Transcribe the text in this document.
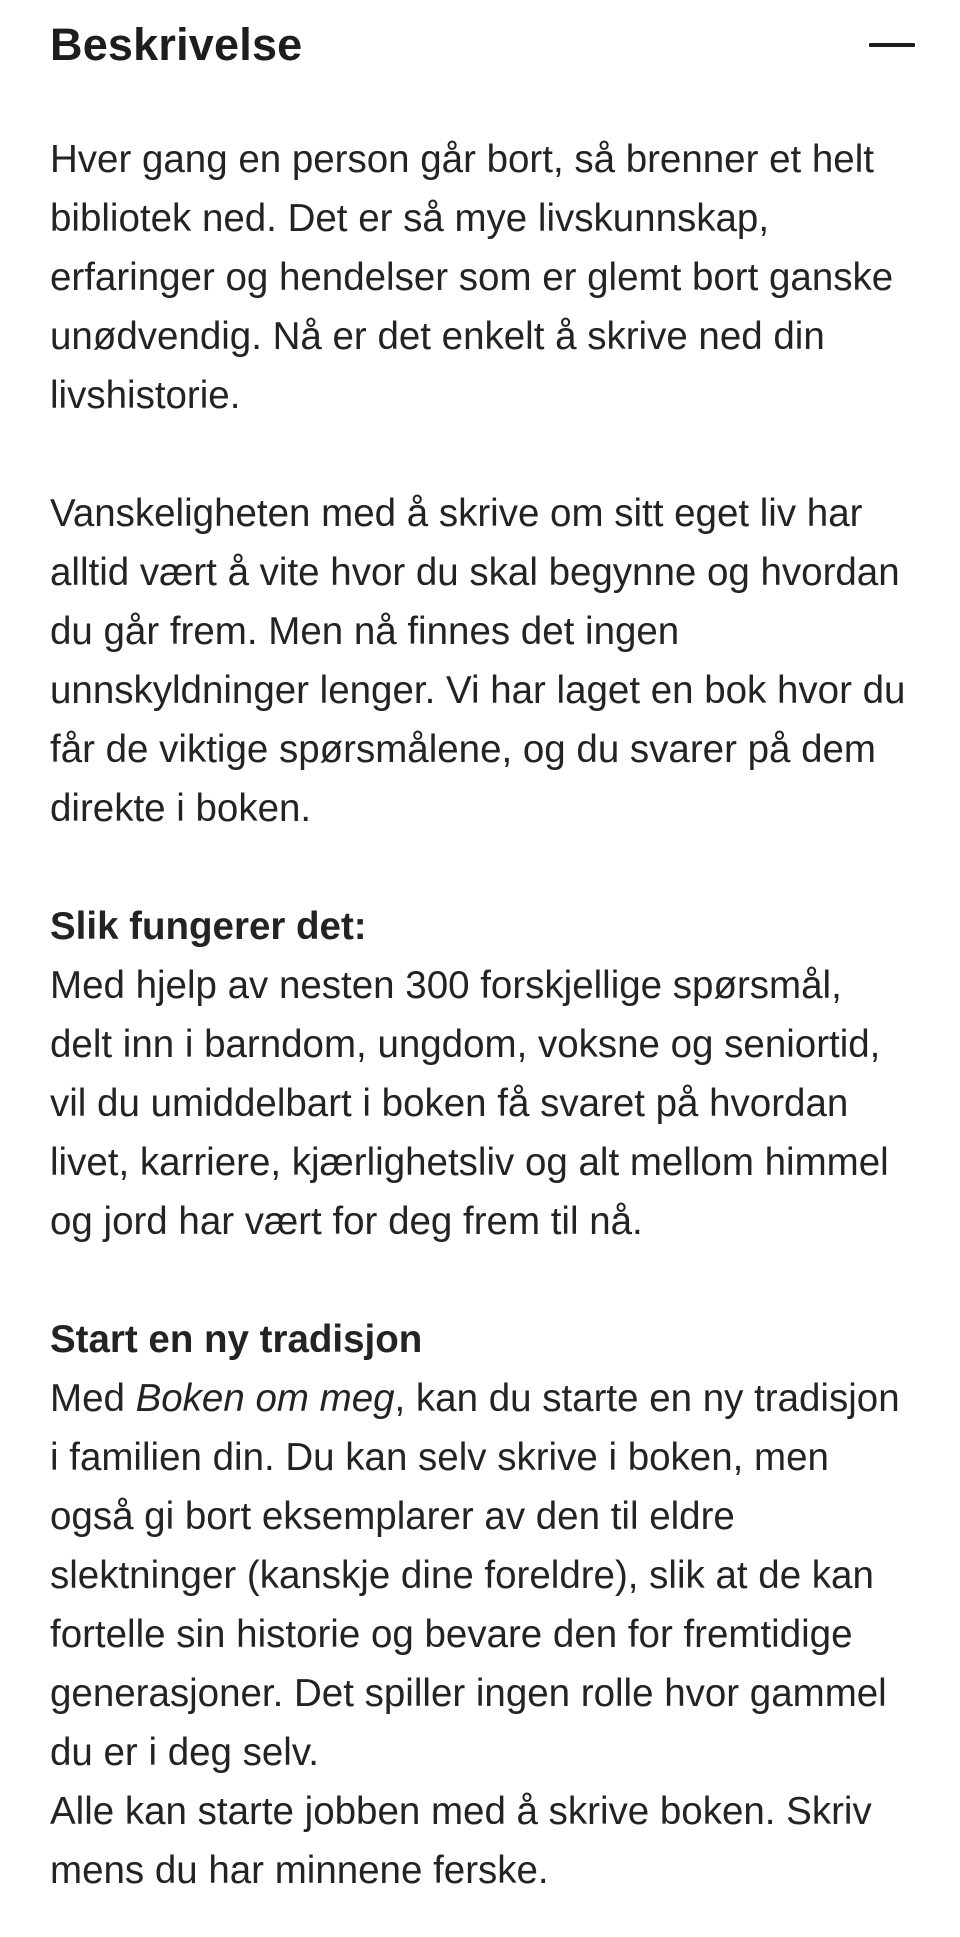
Beskrivelse

Hver gang en person går bort, så brenner et helt bibliotek ned. Det er så mye livskunnskap, erfaringer og hendelser som er glemt bort ganske unødvendig. Nå er det enkelt å skrive ned din livshistorie.

Vanskeligheten med å skrive om sitt eget liv har alltid vært å vite hvor du skal begynne og hvordan du går frem. Men nå finnes det ingen unnskyldninger lenger. Vi har laget en bok hvor du får de viktige spørsmålene, og du svarer på dem direkte i boken.

Slik fungerer det:
Med hjelp av nesten 300 forskjellige spørsmål, delt inn i barndom, ungdom, voksne og seniortid, vil du umiddelbart i boken få svaret på hvordan livet, karriere, kjærlighetsliv og alt mellom himmel og jord har vært for deg frem til nå.

Start en ny tradisjon
Med Boken om meg, kan du starte en ny tradisjon i familien din. Du kan selv skrive i boken, men også gi bort eksemplarer av den til eldre slektninger (kanskje dine foreldre), slik at de kan fortelle sin historie og bevare den for fremtidige generasjoner. Det spiller ingen rolle hvor gammel du er i deg selv.

Alle kan starte jobben med å skrive boken. Skriv mens du har minnene ferske.
